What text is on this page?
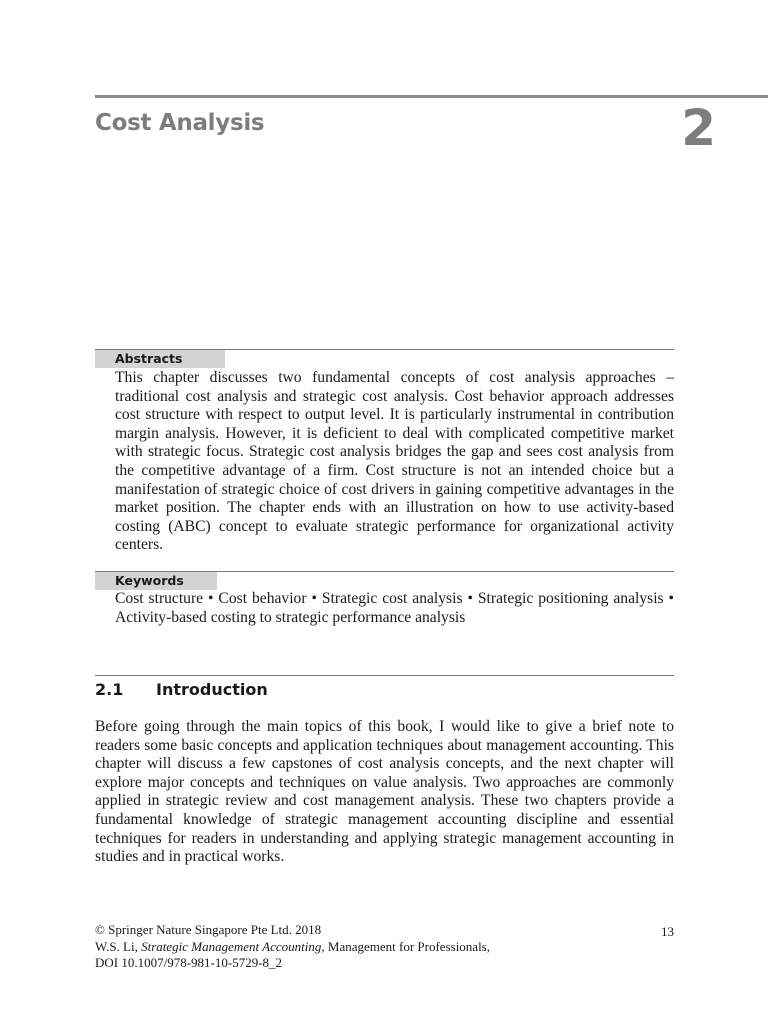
Cost Analysis	2
Abstracts

This chapter discusses two fundamental concepts of cost analysis approaches – traditional cost analysis and strategic cost analysis. Cost behavior approach addresses cost structure with respect to output level. It is particularly instrumental in contribution margin analysis. However, it is deficient to deal with complicated competitive market with strategic focus. Strategic cost analysis bridges the gap and sees cost analysis from the competitive advantage of a firm. Cost structure is not an intended choice but a manifestation of strategic choice of cost drivers in gaining competitive advantages in the market position. The chapter ends with an illustration on how to use activity-based costing (ABC) concept to evaluate strategic performance for organizational activity centers.

Keywords

Cost structure • Cost behavior • Strategic cost analysis • Strategic positioning analysis • Activity-based costing to strategic performance analysis

2.1 Introduction

Before going through the main topics of this book, I would like to give a brief note to readers some basic concepts and application techniques about management accounting. This chapter will discuss a few capstones of cost analysis concepts, and the next chapter will explore major concepts and techniques on value analysis. Two approaches are commonly applied in strategic review and cost management analysis. These two chapters provide a fundamental knowledge of strategic management accounting discipline and essential techniques for readers in understanding and applying strategic management accounting in studies and in practical works.

© Springer Nature Singapore Pte Ltd. 2018
W.S. Li, Strategic Management Accounting, Management for Professionals,
DOI 10.1007/978-981-10-5729-8_2
13
